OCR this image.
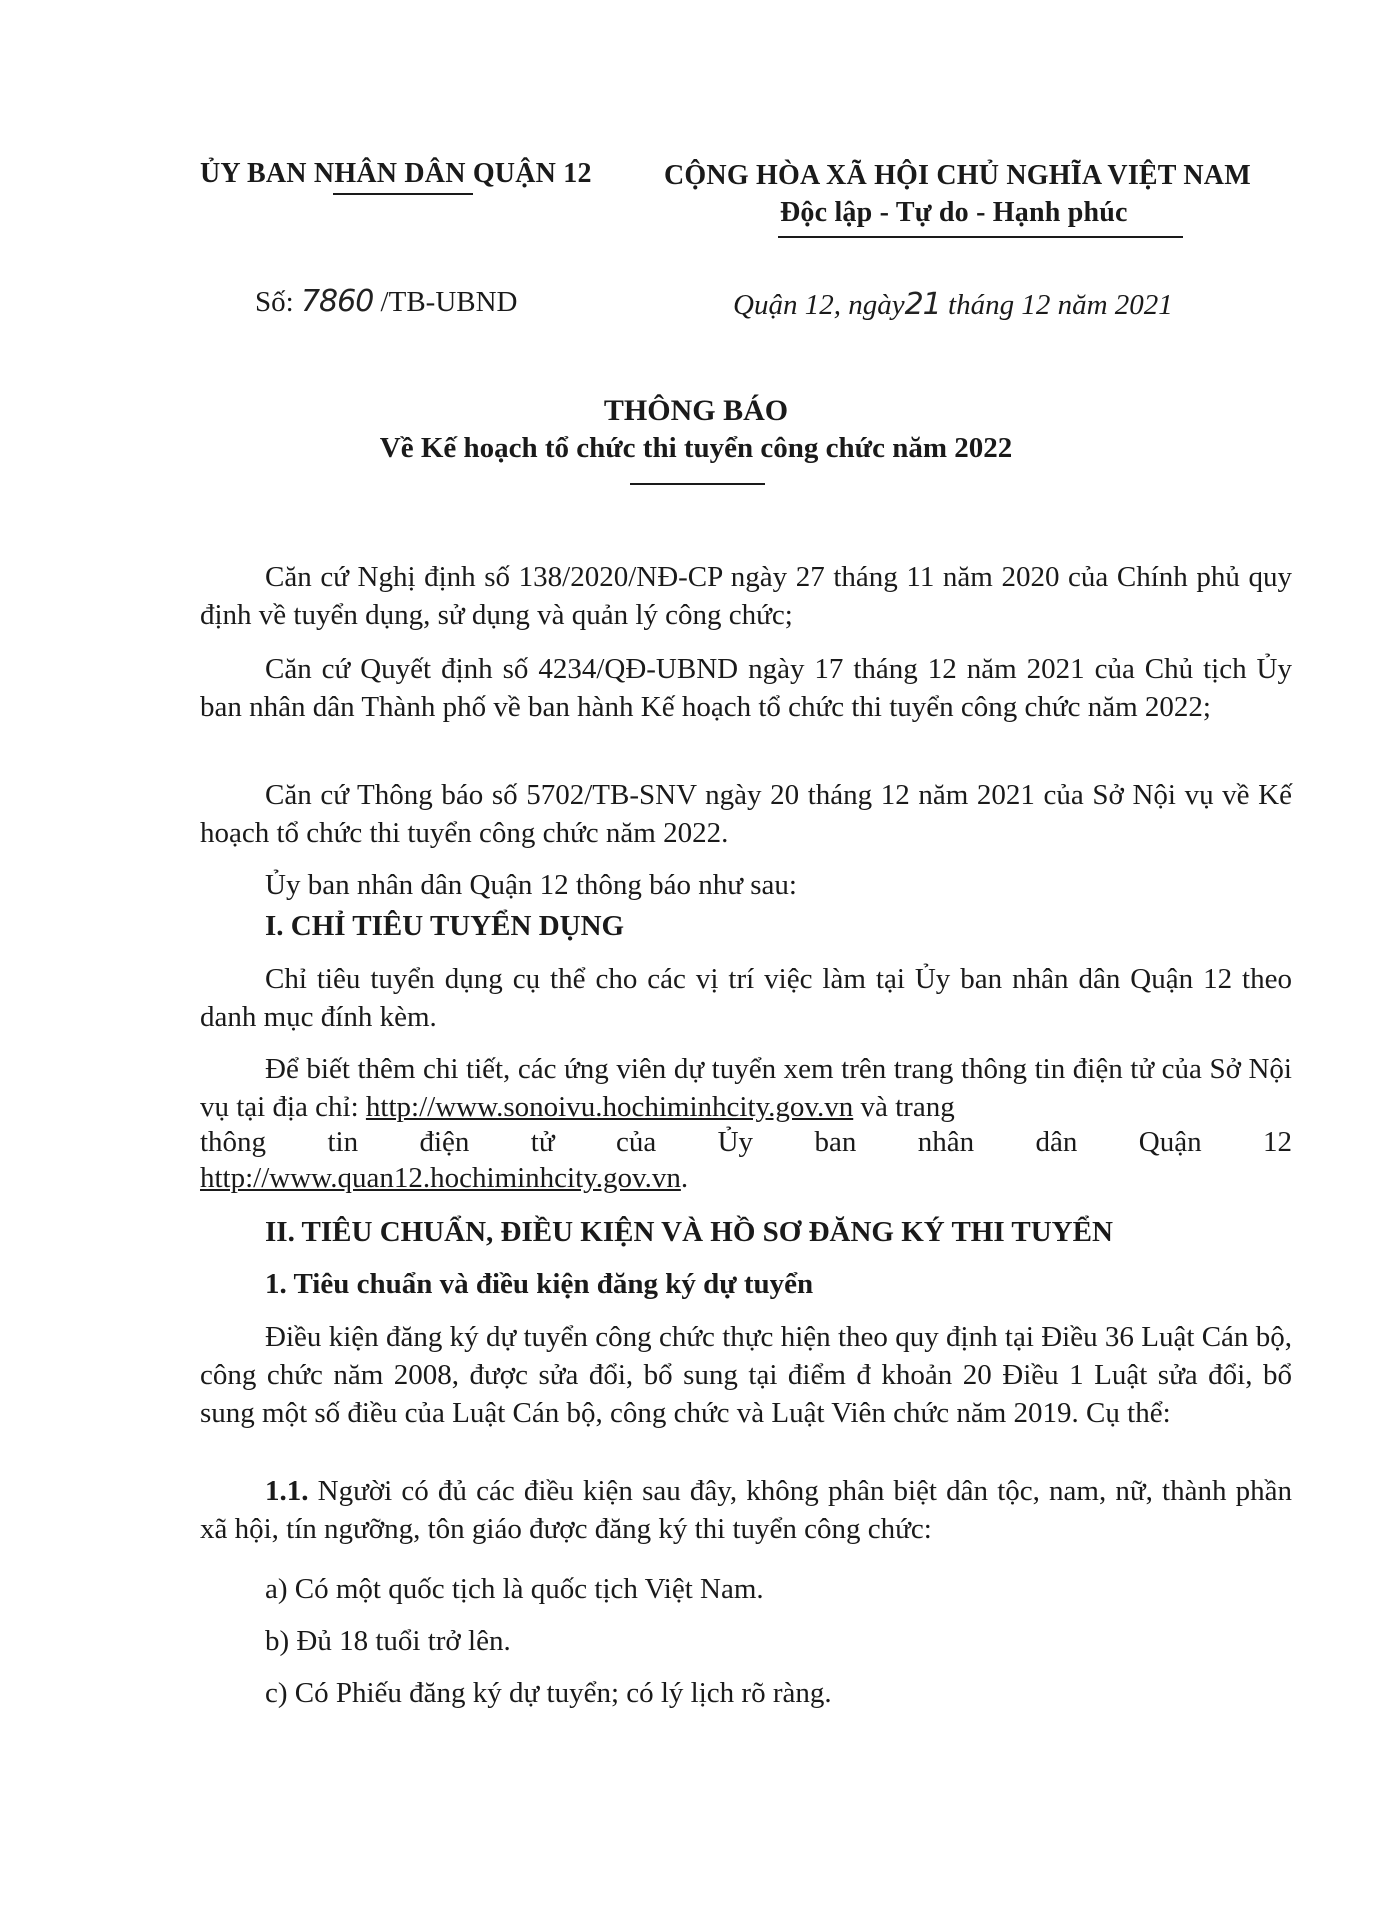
ỦY BAN NHÂN DÂN QUẬN 12	CỘNG HÒA XÃ HỘI CHỦ NGHĨA VIỆT NAM
Độc lập - Tự do - Hạnh phúc
Số: 7860 /TB-UBND	Quận 12, ngày21 tháng 12 năm 2021
THÔNG BÁO
Về Kế hoạch tổ chức thi tuyển công chức năm 2022
Căn cứ Nghị định số 138/2020/NĐ-CP ngày 27 tháng 11 năm 2020 của Chính phủ quy định về tuyển dụng, sử dụng và quản lý công chức;
Căn cứ Quyết định số 4234/QĐ-UBND ngày 17 tháng 12 năm 2021 của Chủ tịch Ủy ban nhân dân Thành phố về ban hành Kế hoạch tổ chức thi tuyển công chức năm 2022;
Căn cứ Thông báo số 5702/TB-SNV ngày 20 tháng 12 năm 2021 của Sở Nội vụ về Kế hoạch tổ chức thi tuyển công chức năm 2022.
Ủy ban nhân dân Quận 12 thông báo như sau:
I. CHỈ TIÊU TUYỂN DỤNG
Chỉ tiêu tuyển dụng cụ thể cho các vị trí việc làm tại Ủy ban nhân dân Quận 12 theo danh mục đính kèm.
Để biết thêm chi tiết, các ứng viên dự tuyển xem trên trang thông tin điện tử của Sở Nội vụ tại địa chỉ: http://www.sonoivu.hochiminhcity.gov.vn và trang
thông tin điện tử của Ủy ban nhân dân Quận 12
http://www.quan12.hochiminhcity.gov.vn.
II. TIÊU CHUẨN, ĐIỀU KIỆN VÀ HỒ SƠ ĐĂNG KÝ THI TUYỂN
1. Tiêu chuẩn và điều kiện đăng ký dự tuyển
Điều kiện đăng ký dự tuyển công chức thực hiện theo quy định tại Điều 36 Luật Cán bộ, công chức năm 2008, được sửa đổi, bổ sung tại điểm đ khoản 20 Điều 1 Luật sửa đổi, bổ sung một số điều của Luật Cán bộ, công chức và Luật Viên chức năm 2019. Cụ thể:
1.1. Người có đủ các điều kiện sau đây, không phân biệt dân tộc, nam, nữ, thành phần xã hội, tín ngưỡng, tôn giáo được đăng ký thi tuyển công chức:
a) Có một quốc tịch là quốc tịch Việt Nam.
b) Đủ 18 tuổi trở lên.
c) Có Phiếu đăng ký dự tuyển; có lý lịch rõ ràng.
